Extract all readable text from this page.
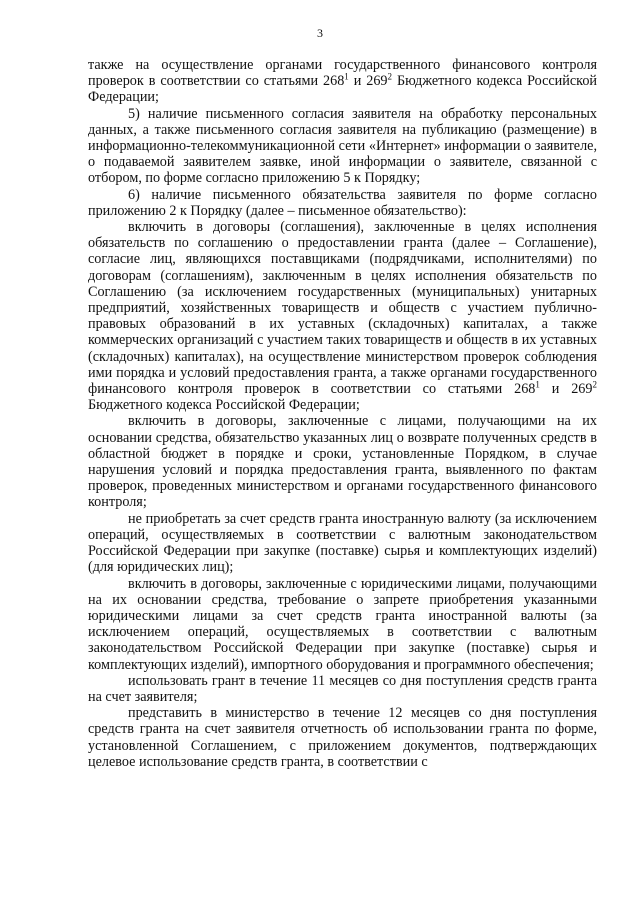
3

также на осуществление органами государственного финансового контроля проверок в соответствии со статьями $268^1$ и $269^2$ Бюджетного кодекса Российской Федерации;

5) наличие письменного согласия заявителя на обработку персональных данных, а также письменного согласия заявителя на публикацию (размещение) в информационно-телекоммуникационной сети «Интернет» информации о заявителе, о подаваемой заявителем заявке, иной информации о заявителе, связанной с отбором, по форме согласно приложению 5 к Порядку;

6) наличие письменного обязательства заявителя по форме согласно приложению 2 к Порядку (далее – письменное обязательство):

включить в договоры (соглашения), заключенные в целях исполнения обязательств по соглашению о предоставлении гранта (далее – Соглашение), согласие лиц, являющихся поставщиками (подрядчиками, исполнителями) по договорам (соглашениям), заключенным в целях исполнения обязательств по Соглашению (за исключением государственных (муниципальных) унитарных предприятий, хозяйственных товариществ и обществ с участием публично-правовых образований в их уставных (складочных) капиталах, а также коммерческих организаций с участием таких товариществ и обществ в их уставных (складочных) капиталах), на осуществление министерством проверок соблюдения ими порядка и условий предоставления гранта, а также органами государственного финансового контроля проверок в соответствии со статьями $268^1$ и $269^2$ Бюджетного кодекса Российской Федерации;

включить в договоры, заключенные с лицами, получающими на их основании средства, обязательство указанных лиц о возврате полученных средств в областной бюджет в порядке и сроки, установленные Порядком, в случае нарушения условий и порядка предоставления гранта, выявленного по фактам проверок, проведенных министерством и органами государственного финансового контроля;

не приобретать за счет средств гранта иностранную валюту (за исключением операций, осуществляемых в соответствии с валютным законодательством Российской Федерации при закупке (поставке) сырья и комплектующих изделий) (для юридических лиц);

включить в договоры, заключенные с юридическими лицами, получающими на их основании средства, требование о запрете приобретения указанными юридическими лицами за счет средств гранта иностранной валюты (за исключением операций, осуществляемых в соответствии с валютным законодательством Российской Федерации при закупке (поставке) сырья и комплектующих изделий), импортного оборудования и программного обеспечения;

использовать грант в течение 11 месяцев со дня поступления средств гранта на счет заявителя;

представить в министерство в течение 12 месяцев со дня поступления средств гранта на счет заявителя отчетность об использовании гранта по форме, установленной Соглашением, с приложением документов, подтверждающих целевое использование средств гранта, в соответствии с
